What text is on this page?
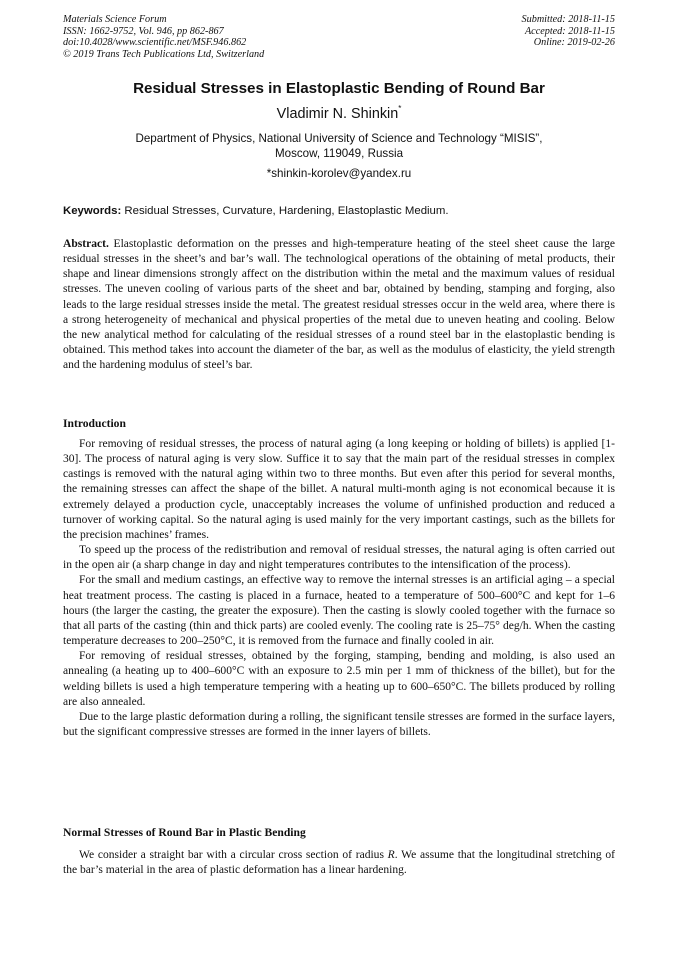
Materials Science Forum
ISSN: 1662-9752, Vol. 946, pp 862-867
doi:10.4028/www.scientific.net/MSF.946.862
© 2019 Trans Tech Publications Ltd, Switzerland
Submitted: 2018-11-15
Accepted: 2018-11-15
Online: 2019-02-26
Residual Stresses in Elastoplastic Bending of Round Bar
Vladimir N. Shinkin*
Department of Physics, National University of Science and Technology “MISIS”,
Moscow, 119049, Russia
*shinkin-korolev@yandex.ru
Keywords: Residual Stresses, Curvature, Hardening, Elastoplastic Medium.

Abstract. Elastoplastic deformation on the presses and high-temperature heating of the steel sheet cause the large residual stresses in the sheet’s and bar’s wall. The technological operations of the obtaining of metal products, their shape and linear dimensions strongly affect on the distribution within the metal and the maximum values of residual stresses. The uneven cooling of various parts of the sheet and bar, obtained by bending, stamping and forging, also leads to the large residual stresses inside the metal. The greatest residual stresses occur in the weld area, where there is a strong heterogeneity of mechanical and physical properties of the metal due to uneven heating and cooling. Below the new analytical method for calculating of the residual stresses of a round steel bar in the elastoplastic bending is obtained. This method takes into account the diameter of the bar, as well as the modulus of elasticity, the yield strength and the hardening modulus of steel’s bar.

Introduction

For removing of residual stresses, the process of natural aging (a long keeping or holding of billets) is applied [1-30]. The process of natural aging is very slow. Suffice it to say that the main part of the residual stresses in complex castings is removed with the natural aging within two to three months. But even after this period for several months, the remaining stresses can affect the shape of the billet. A natural multi-month aging is not economical because it is extremely delayed a production cycle, unacceptably increases the volume of unfinished production and reduced a turnover of working capital. So the natural aging is used mainly for the very important castings, such as the billets for the precision machines’ frames.

To speed up the process of the redistribution and removal of residual stresses, the natural aging is often carried out in the open air (a sharp change in day and night temperatures contributes to the intensification of the process).

For the small and medium castings, an effective way to remove the internal stresses is an artificial aging – a special heat treatment process. The casting is placed in a furnace, heated to a temperature of 500–600°C and kept for 1–6 hours (the larger the casting, the greater the exposure). Then the casting is slowly cooled together with the furnace so that all parts of the casting (thin and thick parts) are cooled evenly. The cooling rate is 25–75° deg/h. When the casting temperature decreases to 200–250°C, it is removed from the furnace and finally cooled in air.

For removing of residual stresses, obtained by the forging, stamping, bending and molding, is also used an annealing (a heating up to 400–600°C with an exposure to 2.5 min per 1 mm of thickness of the billet), but for the welding billets is used a high temperature tempering with a heating up to 600–650°C. The billets produced by rolling are also annealed.

Due to the large plastic deformation during a rolling, the significant tensile stresses are formed in the surface layers, but the significant compressive stresses are formed in the inner layers of billets.

Normal Stresses of Round Bar in Plastic Bending

We consider a straight bar with a circular cross section of radius R. We assume that the longitudinal stretching of the bar’s material in the area of plastic deformation has a linear hardening.
